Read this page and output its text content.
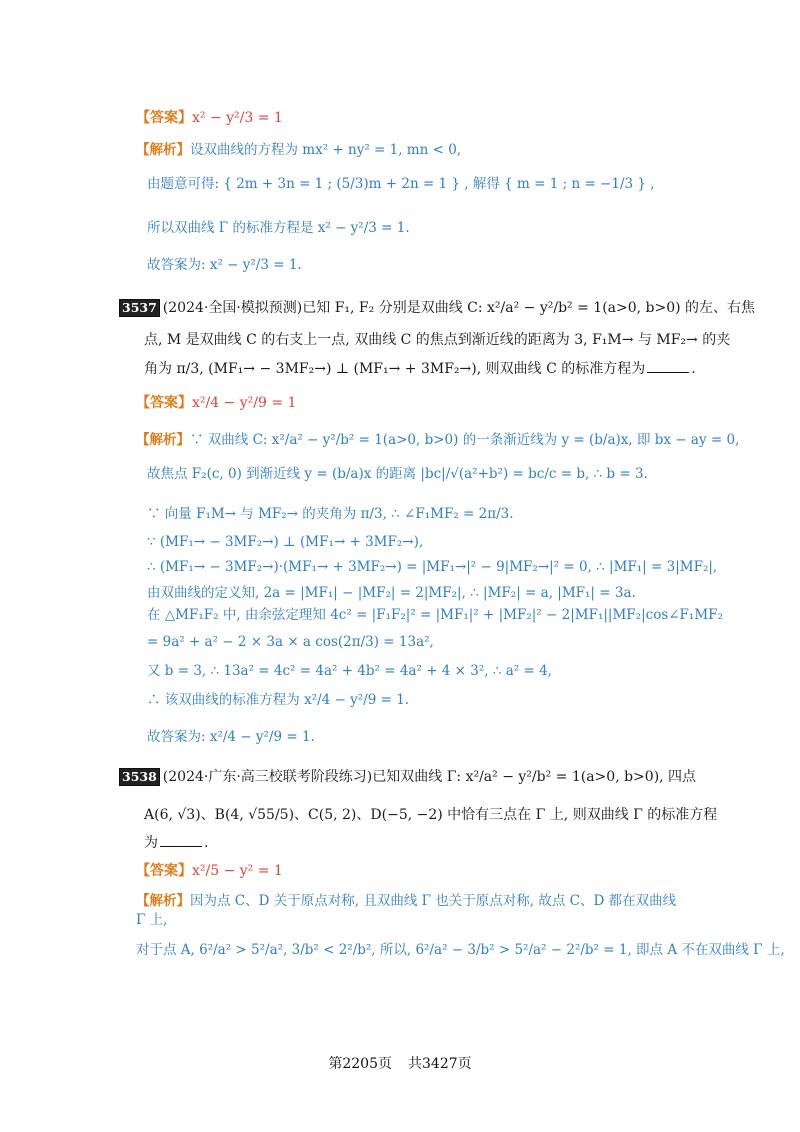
【答案】x² − y²/3 = 1
【解析】设双曲线的方程为 mx² + ny² = 1, mn < 0,
由题意可得: { 2m + 3n = 1 ; (5/3)m + 2n = 1 } , 解得 { m = 1 ; n = −1/3 } ,
所以双曲线 Γ 的标准方程是 x² − y²/3 = 1.
故答案为: x² − y²/3 = 1.
3537 (2024·全国·模拟预测)已知 F₁, F₂ 分别是双曲线 C: x²/a² − y²/b² = 1(a>0, b>0) 的左、右焦
点, M 是双曲线 C 的右支上一点, 双曲线 C 的焦点到渐近线的距离为 3, F₁M→ 与 MF₂→ 的夹
角为 π/3, (MF₁→ − 3MF₂→) ⊥ (MF₁→ + 3MF₂→), 则双曲线 C 的标准方程为	.
【答案】x²/4 − y²/9 = 1
【解析】∵ 双曲线 C: x²/a² − y²/b² = 1(a>0, b>0) 的一条渐近线为 y = (b/a)x, 即 bx − ay = 0,
故焦点 F₂(c, 0) 到渐近线 y = (b/a)x 的距离 |bc|/√(a²+b²) = bc/c = b, ∴ b = 3.
∵ 向量 F₁M→ 与 MF₂→ 的夹角为 π/3, ∴ ∠F₁MF₂ = 2π/3.
∵ (MF₁→ − 3MF₂→) ⊥ (MF₁→ + 3MF₂→),
∴ (MF₁→ − 3MF₂→)·(MF₁→ + 3MF₂→) = |MF₁→|² − 9|MF₂→|² = 0, ∴ |MF₁| = 3|MF₂|,
由双曲线的定义知, 2a = |MF₁| − |MF₂| = 2|MF₂|, ∴ |MF₂| = a, |MF₁| = 3a.
在 △MF₁F₂ 中, 由余弦定理知 4c² = |F₁F₂|² = |MF₁|² + |MF₂|² − 2|MF₁||MF₂|cos∠F₁MF₂
= 9a² + a² − 2 × 3a × a cos(2π/3) = 13a²,
又 b = 3, ∴ 13a² = 4c² = 4a² + 4b² = 4a² + 4 × 3², ∴ a² = 4,
∴ 该双曲线的标准方程为 x²/4 − y²/9 = 1.
故答案为: x²/4 − y²/9 = 1.
3538 (2024·广东·高三校联考阶段练习)已知双曲线 Γ: x²/a² − y²/b² = 1(a>0, b>0), 四点
A(6, √3)、B(4, √55/5)、C(5, 2)、D(−5, −2) 中恰有三点在 Γ 上, 则双曲线 Γ 的标准方程
为	.
【答案】x²/5 − y² = 1
【解析】因为点 C、D 关于原点对称, 且双曲线 Γ 也关于原点对称, 故点 C、D 都在双曲线
Γ 上,
对于点 A, 6²/a² > 5²/a², 3/b² < 2²/b², 所以, 6²/a² − 3/b² > 5²/a² − 2²/b² = 1, 即点 A 不在双曲线 Γ 上,
第2205页 共3427页
